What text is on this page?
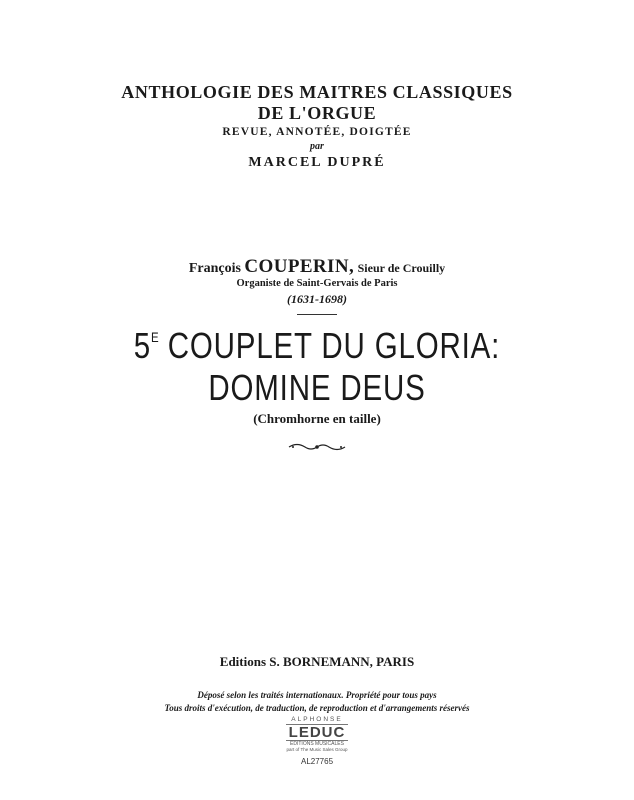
ANTHOLOGIE DES MAITRES CLASSIQUES
DE L'ORGUE
REVUE, ANNOTÉE, DOIGTÉE
par
MARCEL DUPRÉ
François COUPERIN, Sieur de Crouilly
Organiste de Saint-Gervais de Paris
(1631-1698)
$5^E$ COUPLET DU GLORIA:
DOMINE DEUS
(Chromhorne en taille)
Editions S. BORNEMANN, PARIS
Déposé selon les traités internationaux. Propriété pour tous pays
Tous droits d'exécution, de traduction, de reproduction et d'arrangements réservés
ALPHONSE
LEDUC
ÉDITIONS MUSICALES
part of The Music Sales Group
AL27765
